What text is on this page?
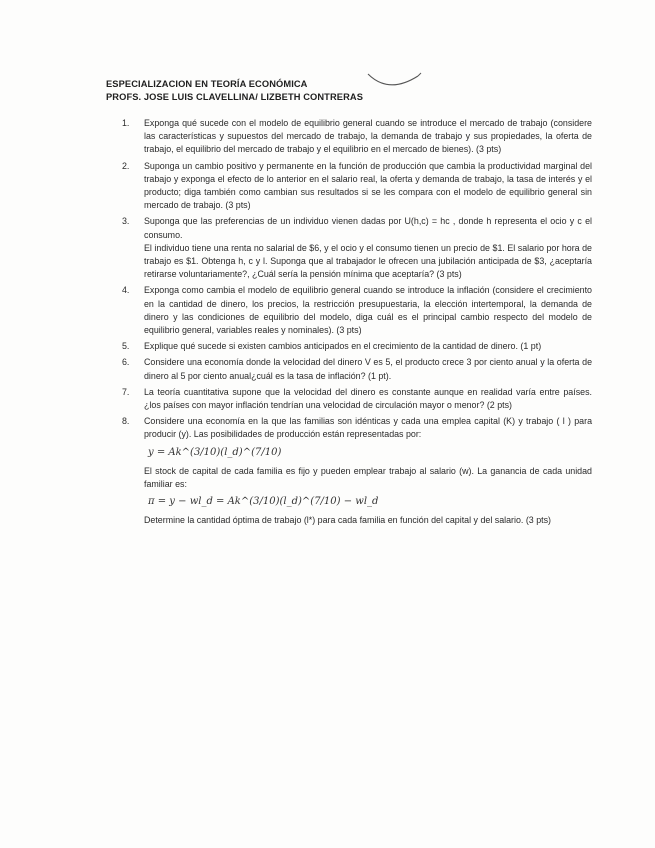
ESPECIALIZACION EN TEORÍA ECONÓMICA
PROFS. JOSE LUIS CLAVELLINA/ LIZBETH CONTRERAS
1.	Exponga qué sucede con el modelo de equilibrio general cuando se introduce el mercado de trabajo (considere las características y supuestos del mercado de trabajo, la demanda de trabajo y sus propiedades, la oferta de trabajo, el equilibrio del mercado de trabajo y el equilibrio en el mercado de bienes). (3 pts)

2.	Suponga un cambio positivo y permanente en la función de producción que cambia la productividad marginal del trabajo y exponga el efecto de lo anterior en el salario real, la oferta y demanda de trabajo, la tasa de interés y el producto; diga también como cambian sus resultados si se les compara con el modelo de equilibrio general sin mercado de trabajo. (3 pts)

3.	Suponga que las preferencias de un individuo vienen dadas por U(h,c) = hc , donde h representa el ocio y c el consumo.

El individuo tiene una renta no salarial de $6, y el ocio y el consumo tienen un precio de $1. El salario por hora de trabajo es $1. Obtenga h, c y l. Suponga que al trabajador le ofrecen una jubilación anticipada de $3, ¿aceptaría retirarse voluntariamente?, ¿Cuál sería la pensión mínima que aceptaría? (3 pts)

4.	Exponga como cambia el modelo de equilibrio general cuando se introduce la inflación (considere el crecimiento en la cantidad de dinero, los precios, la restricción presupuestaria, la elección intertemporal, la demanda de dinero y las condiciones de equilibrio del modelo, diga cuál es el principal cambio respecto del modelo de equilibrio general, variables reales y nominales). (3 pts)

5.	Explique qué sucede si existen cambios anticipados en el crecimiento de la cantidad de dinero. (1 pt)

6.	Considere una economía donde la velocidad del dinero V es 5, el producto crece 3 por ciento anual y la oferta de dinero al 5 por ciento anual¿cuál es la tasa de inflación? (1 pt).

7.	La teoría cuantitativa supone que la velocidad del dinero es constante aunque en realidad varía entre países. ¿los países con mayor inflación tendrían una velocidad de circulación mayor o menor? (2 pts)

8.	Considere una economía en la que las familias son idénticas y cada una emplea capital (K) y trabajo ( l ) para producir (y). Las posibilidades de producción están representadas por:

y = Ak^(3/10)(l_d)^(7/10)

El stock de capital de cada familia es fijo y pueden emplear trabajo al salario (w). La ganancia de cada unidad familiar es:

π = y − wl_d = Ak^(3/10)(l_d)^(7/10) − wl_d

Determine la cantidad óptima de trabajo (l*) para cada familia en función del capital y del salario. (3 pts)
